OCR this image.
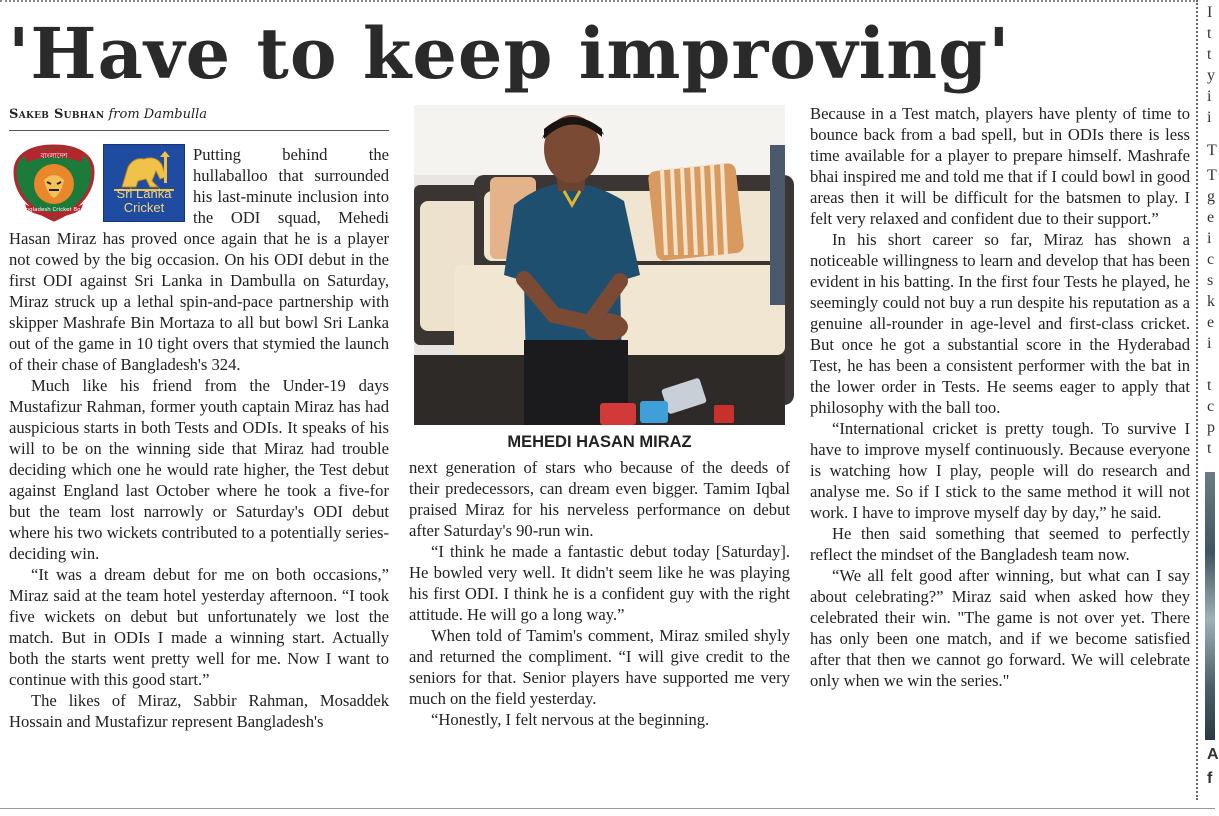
'Have to keep improving'
Sakeb Subhan from Dambulla
বাংলাদেশ
Bangladesh Cricket Board
Sri Lanka
Cricket

Putting behind the hullaballoo that surrounded his last-minute inclusion into the ODI squad, Mehedi Hasan Miraz has proved once again that he is a player not cowed by the big occasion. On his ODI debut in the first ODI against Sri Lanka in Dambulla on Saturday, Miraz struck up a lethal spin-and-pace partnership with skipper Mashrafe Bin Mortaza to all but bowl Sri Lanka out of the game in 10 tight overs that stymied the launch of their chase of Bangladesh's 324.

Much like his friend from the Under-19 days Mustafizur Rahman, former youth captain Miraz has had auspicious starts in both Tests and ODIs. It speaks of his will to be on the winning side that Miraz had trouble deciding which one he would rate higher, the Test debut against England last October where he took a five-for but the team lost narrowly or Saturday's ODI debut where his two wickets contributed to a potentially series-deciding win.

“It was a dream debut for me on both occasions,” Miraz said at the team hotel yesterday afternoon. “I took five wickets on debut but unfortunately we lost the match. But in ODIs I made a winning start. Actually both the starts went pretty well for me. Now I want to continue with this good start.”

The likes of Miraz, Sabbir Rahman, Mosaddek Hossain and Mustafizur represent Bangladesh's

MEHEDI HASAN MIRAZ

next generation of stars who because of the deeds of their predecessors, can dream even bigger. Tamim Iqbal praised Miraz for his nerveless performance on debut after Saturday's 90-run win.

“I think he made a fantastic debut today [Saturday]. He bowled very well. It didn't seem like he was playing his first ODI. I think he is a confident guy with the right attitude. He will go a long way.”

When told of Tamim's comment, Miraz smiled shyly and returned the compliment. “I will give credit to the seniors for that. Senior players have supported me very much on the field yesterday.

“Honestly, I felt nervous at the beginning.

Because in a Test match, players have plenty of time to bounce back from a bad spell, but in ODIs there is less time available for a player to prepare himself. Mashrafe bhai inspired me and told me that if I could bowl in good areas then it will be difficult for the batsmen to play. I felt very relaxed and confident due to their support.”

In his short career so far, Miraz has shown a noticeable willingness to learn and develop that has been evident in his batting. In the first four Tests he played, he seemingly could not buy a run despite his reputation as a genuine all-rounder in age-level and first-class cricket. But once he got a substantial score in the Hyderabad Test, he has been a consistent performer with the bat in the lower order in Tests. He seems eager to apply that philosophy with the ball too.

“International cricket is pretty tough. To survive I have to improve myself continuously. Because everyone is watching how I play, people will do research and analyse me. So if I stick to the same method it will not work. I have to improve myself day by day,” he said.

He then said something that seemed to perfectly reflect the mindset of the Bangladesh team now.

“We all felt good after winning, but what can I say about celebrating?” Miraz said when asked how they celebrated their win. "The game is not over yet. There has only been one match, and if we become satisfied after that then we cannot go forward. We will celebrate only when we win the series."

I
t
t
y
i
i
T
T
g
e
i
c
s
k
e
i
t
c
p
t
A
f
